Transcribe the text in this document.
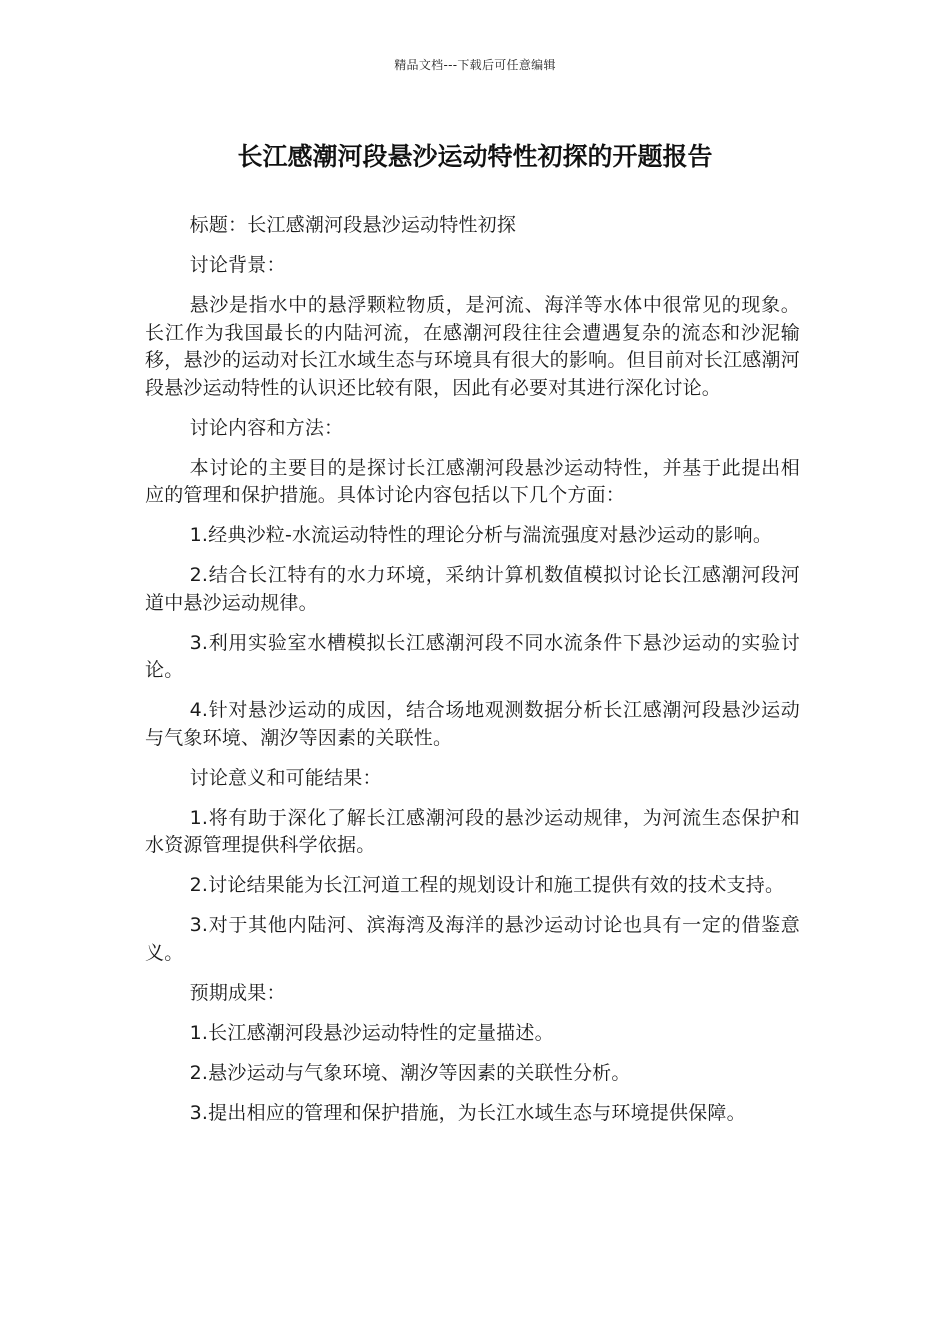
精品文档---下载后可任意编辑
长江感潮河段悬沙运动特性初探的开题报告

标题：长江感潮河段悬沙运动特性初探

讨论背景：

悬沙是指水中的悬浮颗粒物质，是河流、海洋等水体中很常见的现象。长江作为我国最长的内陆河流，在感潮河段往往会遭遇复杂的流态和沙泥输移，悬沙的运动对长江水域生态与环境具有很大的影响。但目前对长江感潮河段悬沙运动特性的认识还比较有限，因此有必要对其进行深化讨论。

讨论内容和方法：

本讨论的主要目的是探讨长江感潮河段悬沙运动特性，并基于此提出相应的管理和保护措施。具体讨论内容包括以下几个方面：

1.经典沙粒-水流运动特性的理论分析与湍流强度对悬沙运动的影响。

2.结合长江特有的水力环境，采纳计算机数值模拟讨论长江感潮河段河道中悬沙运动规律。

3.利用实验室水槽模拟长江感潮河段不同水流条件下悬沙运动的实验讨论。

4.针对悬沙运动的成因，结合场地观测数据分析长江感潮河段悬沙运动与气象环境、潮汐等因素的关联性。

讨论意义和可能结果：

1.将有助于深化了解长江感潮河段的悬沙运动规律，为河流生态保护和水资源管理提供科学依据。

2.讨论结果能为长江河道工程的规划设计和施工提供有效的技术支持。

3.对于其他内陆河、滨海湾及海洋的悬沙运动讨论也具有一定的借鉴意义。

预期成果：

1.长江感潮河段悬沙运动特性的定量描述。

2.悬沙运动与气象环境、潮汐等因素的关联性分析。

3.提出相应的管理和保护措施，为长江水域生态与环境提供保障。
